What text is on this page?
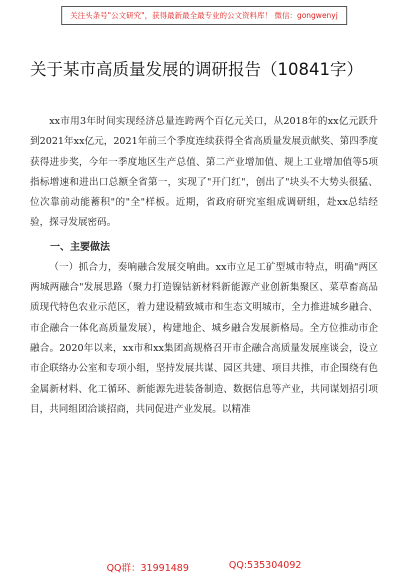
关注头条号"公文研究"，获得最新最全最专业的公文资料库！ 微信：gongwenyj
关于某市高质量发展的调研报告（10841字）

xx市用3年时间实现经济总量连跨两个百亿元关口，从2018年的xx亿元跃升到2021年xx亿元，2021年前三个季度连续获得全省高质量发展贡献奖、第四季度获得进步奖，今年一季度地区生产总值、第二产业增加值、规上工业增加值等5项指标增速和进出口总额全省第一，实现了"开门红"，创出了"块头不大势头很猛、位次靠前动能蓄积"的"全"样板。近期，省政府研究室组成调研组，赴xx总结经验，探寻发展密码。

一、主要做法

（一）抓合力，奏响融合发展交响曲。xx市立足工矿型城市特点，明确"两区两城两融合"发展思路（聚力打造镍钴新材料新能源产业创新集聚区、菜草畜高品质现代特色农业示范区，着力建设精致城市和生态文明城市，全力推进城乡融合、市企融合一体化高质量发展），构建地企、城乡融合发展新格局。全方位推动市企融合。2020年以来，xx市和xx集团高规格召开市企融合高质量发展座谈会，设立市企联络办公室和专项小组，坚持发展共谋、园区共建、项目共推，市企围绕有色金属新材料、化工循环、新能源先进装备制造、数据信息等产业，共同谋划招引项目，共同组团洽谈招商，共同促进产业发展。以精准

QQ群：31991489	QQ:535304092
